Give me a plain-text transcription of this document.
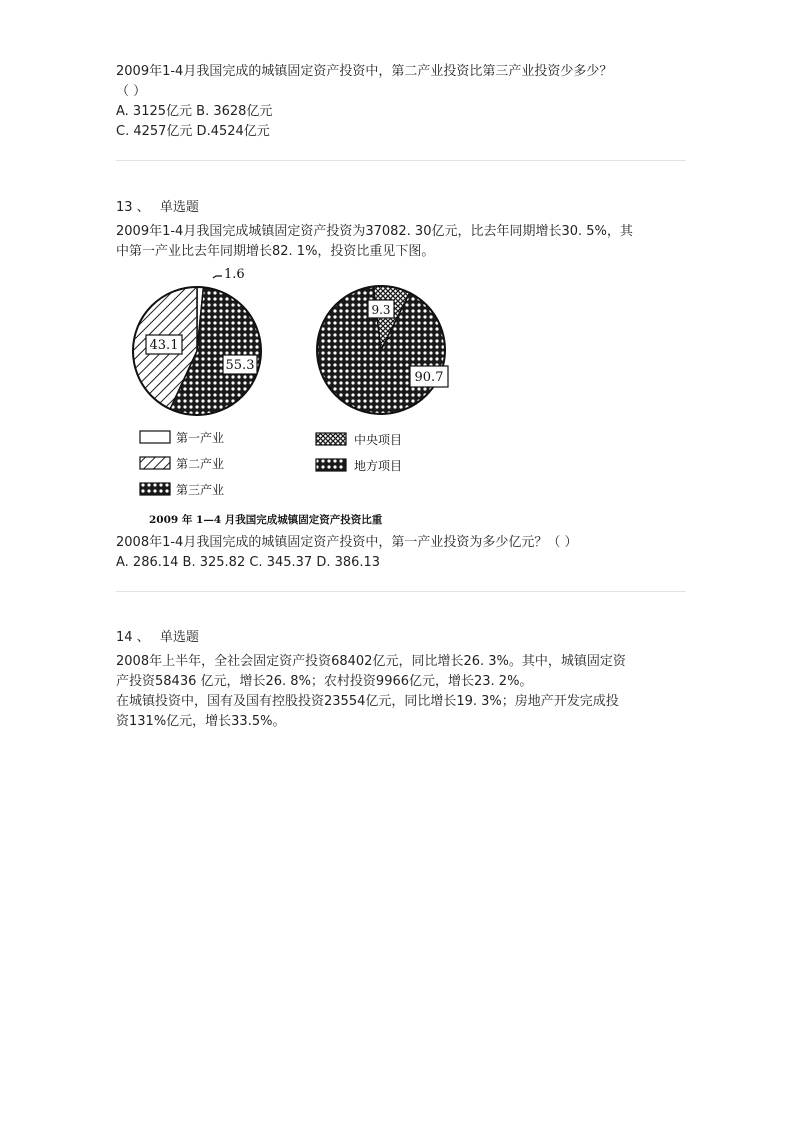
2009年1-4月我国完成的城镇固定资产投资中，第二产业投资比第三产业投资少多少？
（ ）
A. 3125亿元 B. 3628亿元
C. 4257亿元 D.4524亿元
13 、 单选题
2009年1-4月我国完成城镇固定资产投资为37082. 30亿元，比去年同期增长30. 5%，其
中第一产业比去年同期增长82. 1%，投资比重见下图。
1.6
43.1
55.3
9.3
90.7
第一产业
第二产业
第三产业
中央项目
地方项目
2009 年 1—4 月我国完成城镇固定资产投资比重
2008年1-4月我国完成的城镇固定资产投资中，第一产业投资为多少亿元？（ ）
A. 286.14 B. 325.82 C. 345.37 D. 386.13
14 、 单选题
2008年上半年，全社会固定资产投资68402亿元，同比增长26. 3%。其中，城镇固定资
产投资58436 亿元，增长26. 8%；农村投资9966亿元，增长23. 2%。
在城镇投资中，国有及国有控股投资23554亿元，同比增长19. 3%；房地产开发完成投
资131%亿元，增长33.5%。
